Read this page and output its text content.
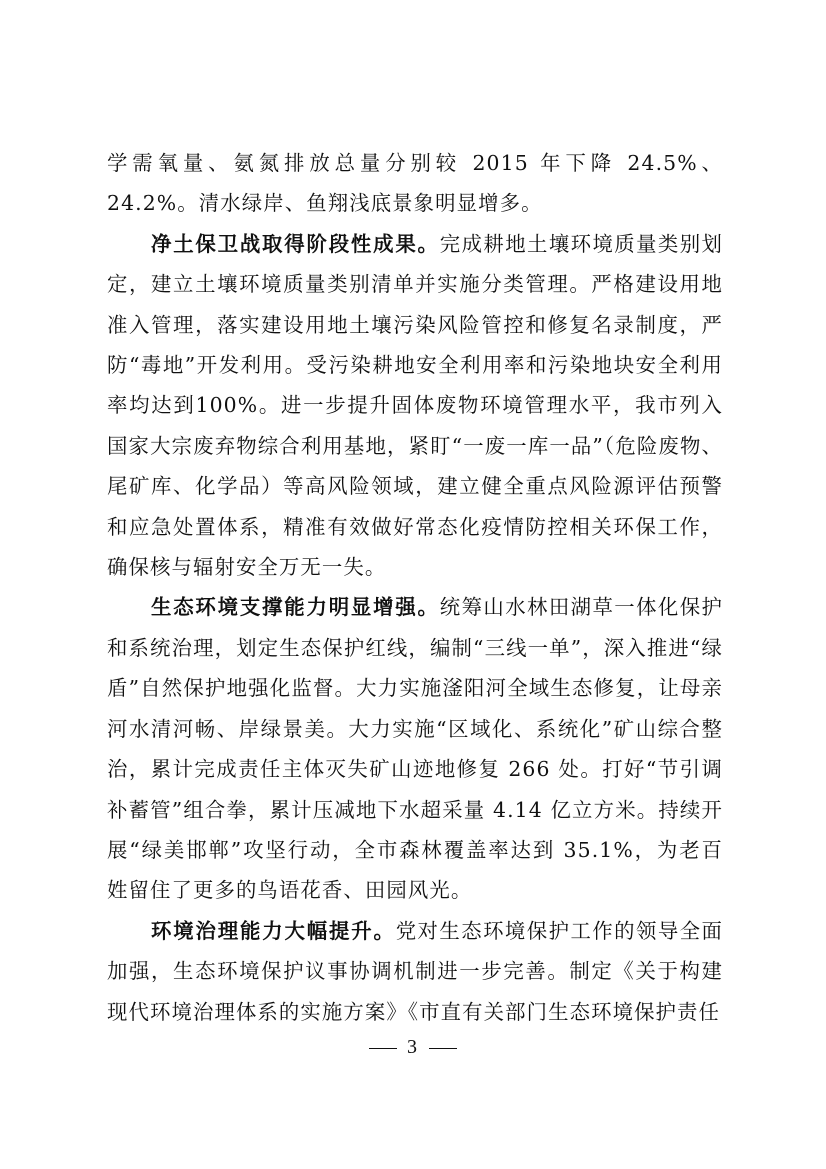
学需氧量、氨氮排放总量分别较 2015 年下降 24.5%、24.2%。清水绿岸、鱼翔浅底景象明显增多。

净土保卫战取得阶段性成果。完成耕地土壤环境质量类别划定，建立土壤环境质量类别清单并实施分类管理。严格建设用地准入管理，落实建设用地土壤污染风险管控和修复名录制度，严防“毒地”开发利用。受污染耕地安全利用率和污染地块安全利用率均达到100%。进一步提升固体废物环境管理水平，我市列入国家大宗废弃物综合利用基地，紧盯“一废一库一品”（危险废物、尾矿库、化学品）等高风险领域，建立健全重点风险源评估预警和应急处置体系，精准有效做好常态化疫情防控相关环保工作，确保核与辐射安全万无一失。

生态环境支撑能力明显增强。统筹山水林田湖草一体化保护和系统治理，划定生态保护红线，编制“三线一单”，深入推进“绿盾”自然保护地强化监督。大力实施滏阳河全域生态修复，让母亲河水清河畅、岸绿景美。大力实施“区域化、系统化”矿山综合整治，累计完成责任主体灭失矿山迹地修复 266 处。打好“节引调补蓄管”组合拳，累计压减地下水超采量 4.14 亿立方米。持续开展“绿美邯郸”攻坚行动，全市森林覆盖率达到 35.1%，为老百姓留住了更多的鸟语花香、田园风光。

环境治理能力大幅提升。党对生态环境保护工作的领导全面加强，生态环境保护议事协调机制进一步完善。制定《关于构建现代环境治理体系的实施方案》《市直有关部门生态环境保护责任

3
